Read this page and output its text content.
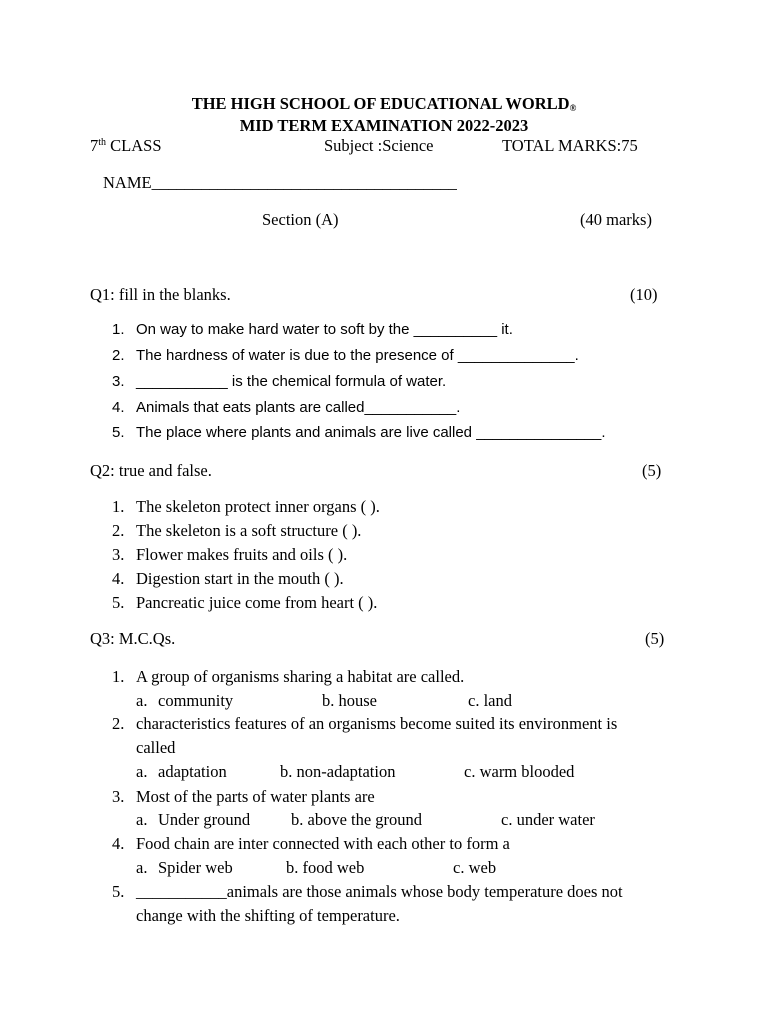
THE HIGH SCHOOL OF EDUCATIONAL WORLD®
MID TERM EXAMINATION 2022-2023
7th CLASS	Subject :Science	TOTAL MARKS:75
NAME_____________________________________
Section (A)	(40 marks)
Q1: fill in the blanks.	(10)
1. On way to make hard water to soft by the __________ it.
2. The hardness of water is due to the presence of ______________.
3. ___________ is the chemical formula of water.
4. Animals that eats plants are called___________.
5. The place where plants and animals are live called _______________.
Q2: true and false.	(5)
1. The skeleton protect inner organs ( ).
2. The skeleton is a soft structure ( ).
3. Flower makes fruits and oils ( ).
4. Digestion start in the mouth ( ).
5. Pancreatic juice come from heart ( ).
Q3: M.C.Qs.	(5)
1. A group of organisms sharing a habitat are called.
a. community	b. house	c. land
2. characteristics features of an organisms become suited its environment is
called
a. adaptation	b. non-adaptation	c. warm blooded
3. Most of the parts of water plants are
a. Under ground b. above the ground	c. under water
4. Food chain are inter connected with each other to form a
a. Spider web	b. food web	c. web
5. ___________animals are those animals whose body temperature does not
change with the shifting of temperature.
